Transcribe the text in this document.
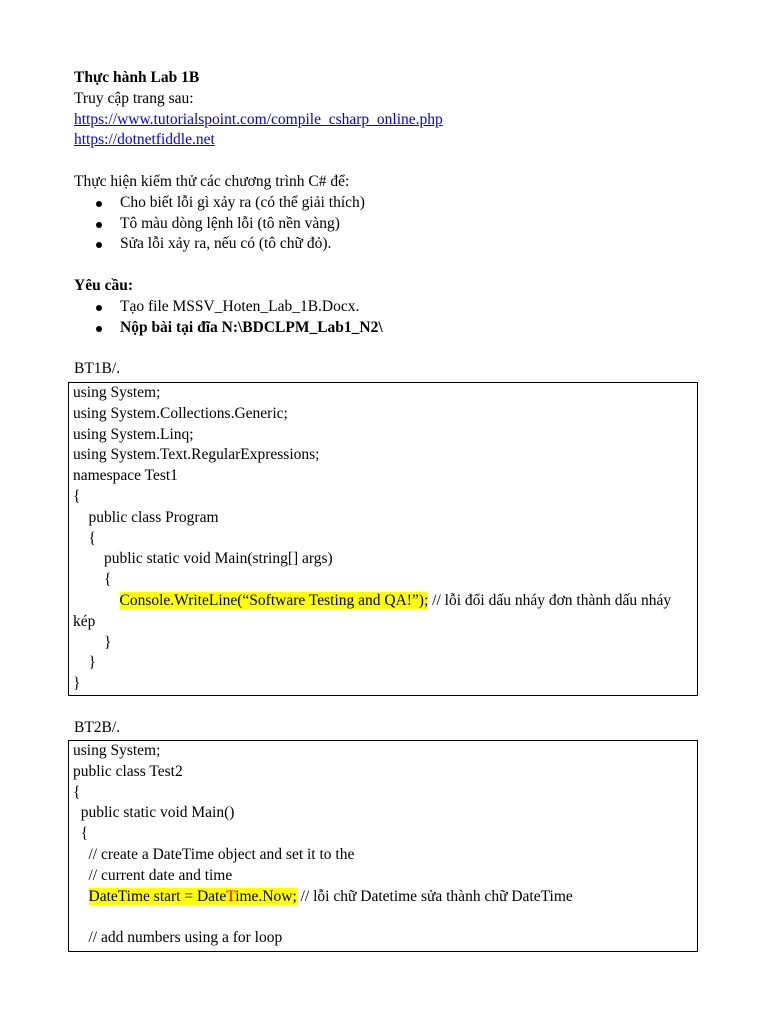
Thực hành Lab 1B
Truy cập trang sau:
https://www.tutorialspoint.com/compile_csharp_online.php
https://dotnetfiddle.net
Thực hiện kiểm thử các chương trình C# để:
Cho biết lỗi gì xảy ra (có thể giải thích)
Tô màu dòng lệnh lỗi (tô nền vàng)
Sửa lỗi xảy ra, nếu có (tô chữ đỏ).
Yêu cầu:
Tạo file MSSV_Hoten_Lab_1B.Docx.
Nộp bài tại đĩa N:\BDCLPM_Lab1_N2\
BT1B/.
using System;
using System.Collections.Generic;
using System.Linq;
using System.Text.RegularExpressions;
namespace Test1
{
public class Program
{
public static void Main(string[] args)
{
Console.WriteLine(“Software Testing and QA!”); // lỗi đổi dấu nháy đơn thành dấu nháy kép
}
}
}
BT2B/.
using System;
public class Test2
{
public static void Main()
{
// create a DateTime object and set it to the
// current date and time
DateTime start = DateTime.Now; // lỗi chữ Datetime sửa thành chữ DateTime
// add numbers using a for loop
